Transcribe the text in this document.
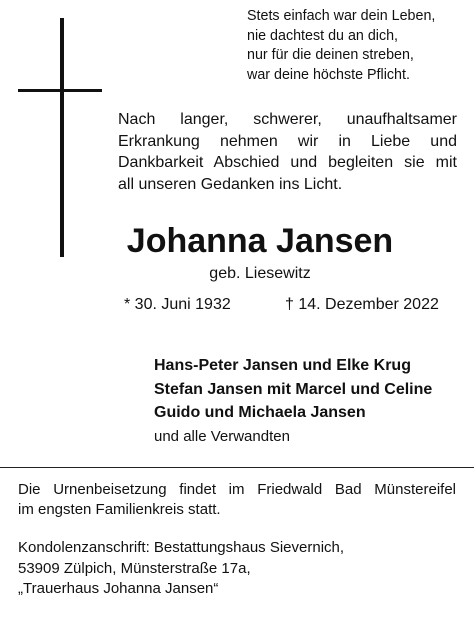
Stets einfach war dein Leben,
nie dachtest du an dich,
nur für die deinen streben,
war deine höchste Pflicht.
Nach langer, schwerer, unaufhaltsamer
Erkrankung nehmen wir in Liebe und
Dankbarkeit Abschied und begleiten sie mit
all unseren Gedanken ins Licht.
Johanna Jansen
geb. Liesewitz
* 30. Juni 1932	† 14. Dezember 2022
Hans-Peter Jansen und Elke Krug
Stefan Jansen mit Marcel und Celine
Guido und Michaela Jansen
und alle Verwandten
Die Urnenbeisetzung findet im Friedwald Bad Münstereifel
im engsten Familienkreis statt.
Kondolenzanschrift: Bestattungshaus Sievernich,
53909 Zülpich, Münsterstraße 17a,
„Trauerhaus Johanna Jansen“
